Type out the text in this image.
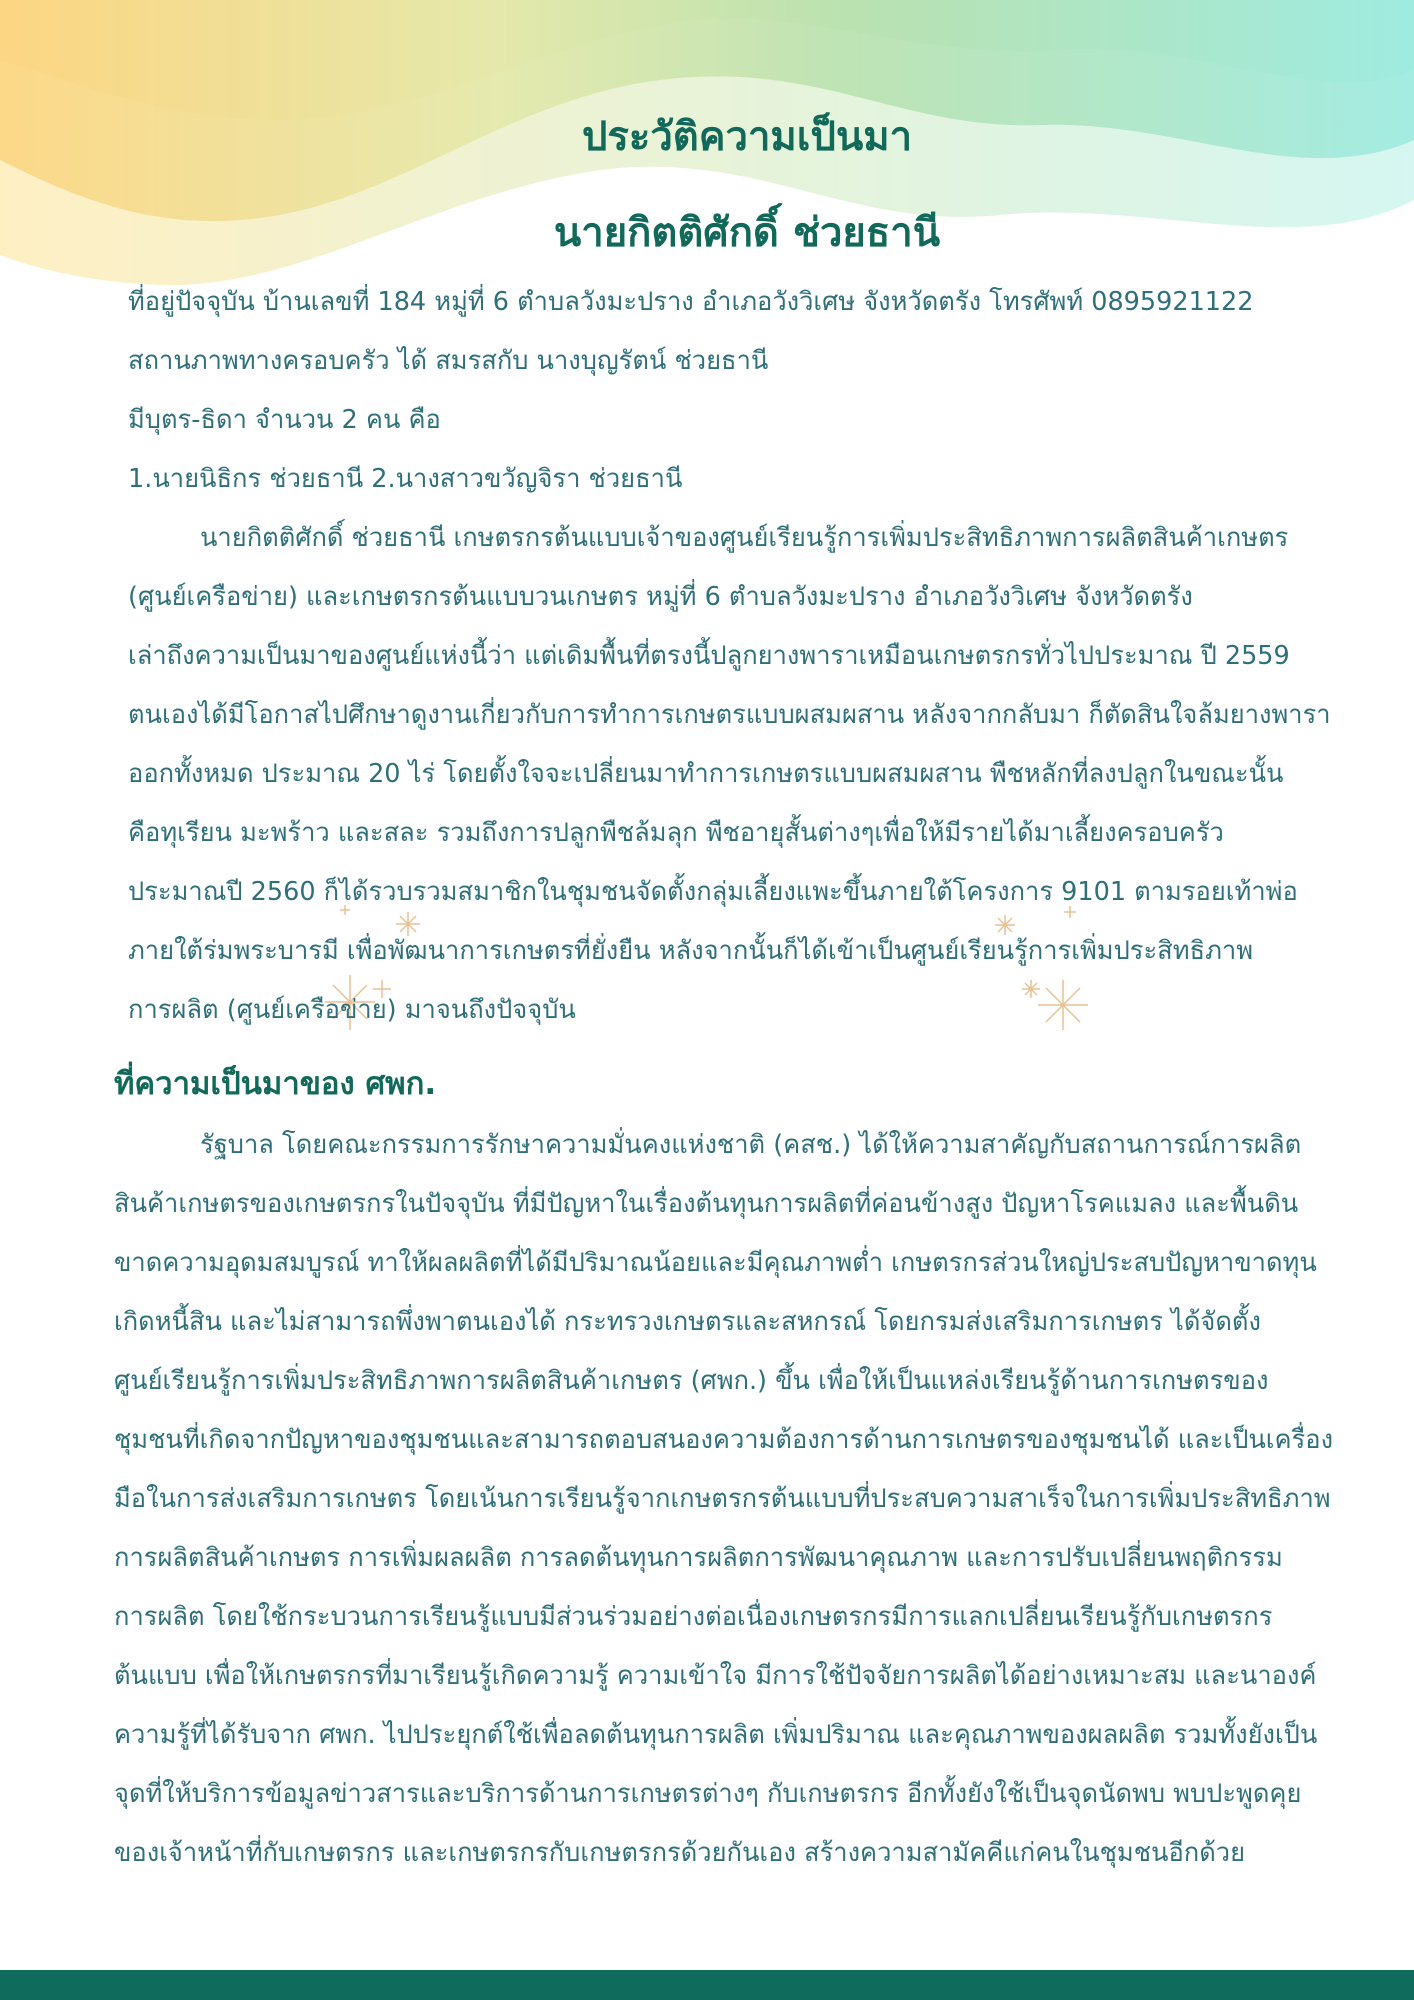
ประวัติความเป็นมา
นายกิตติศักดิ์ ช่วยธานี
ที่อยู่ปัจจุบัน บ้านเลขที่ 184 หมู่ที่ 6 ตำบลวังมะปราง อำเภอวังวิเศษ จังหวัดตรัง โทรศัพท์ 0895921122
สถานภาพทางครอบครัว ได้ สมรสกับ นางบุญรัตน์ ช่วยธานี
มีบุตร-ธิดา จำนวน 2 คน คือ
1.นายนิธิกร ช่วยธานี 2.นางสาวขวัญจิรา ช่วยธานี
นายกิตติศักดิ์ ช่วยธานี เกษตรกรต้นแบบเจ้าของศูนย์เรียนรู้การเพิ่มประสิทธิภาพการผลิตสินค้าเกษตร
(ศูนย์เครือข่าย) และเกษตรกรต้นแบบวนเกษตร หมู่ที่ 6 ตำบลวังมะปราง อำเภอวังวิเศษ จังหวัดตรัง
เล่าถึงความเป็นมาของศูนย์แห่งนี้ว่า แต่เดิมพื้นที่ตรงนี้ปลูกยางพาราเหมือนเกษตรกรทั่วไปประมาณ ปี 2559
ตนเองได้มีโอกาสไปศึกษาดูงานเกี่ยวกับการทำการเกษตรแบบผสมผสาน หลังจากกลับมา ก็ตัดสินใจล้มยางพารา
ออกทั้งหมด ประมาณ 20 ไร่ โดยตั้งใจจะเปลี่ยนมาทำการเกษตรแบบผสมผสาน พืชหลักที่ลงปลูกในขณะนั้น
คือทุเรียน มะพร้าว และสละ รวมถึงการปลูกพืชล้มลุก พืชอายุสั้นต่างๆเพื่อให้มีรายได้มาเลี้ยงครอบครัว
ประมาณปี 2560 ก็ได้รวบรวมสมาชิกในชุมชนจัดตั้งกลุ่มเลี้ยงแพะขึ้นภายใต้โครงการ 9101 ตามรอยเท้าพ่อ
ภายใต้ร่มพระบารมี เพื่อพัฒนาการเกษตรที่ยั่งยืน หลังจากนั้นก็ได้เข้าเป็นศูนย์เรียนรู้การเพิ่มประสิทธิภาพ
การผลิต (ศูนย์เครือข่าย) มาจนถึงปัจจุบัน
ที่ความเป็นมาของ ศพก.
รัฐบาล โดยคณะกรรมการรักษาความมั่นคงแห่งชาติ (คสช.) ได้ให้ความสาคัญกับสถานการณ์การผลิต
สินค้าเกษตรของเกษตรกรในปัจจุบัน ที่มีปัญหาในเรื่องต้นทุนการผลิตที่ค่อนข้างสูง ปัญหาโรคแมลง และพื้นดิน
ขาดความอุดมสมบูรณ์ ทาให้ผลผลิตที่ได้มีปริมาณน้อยและมีคุณภาพต่ำ เกษตรกรส่วนใหญ่ประสบปัญหาขาดทุน
เกิดหนี้สิน และไม่สามารถพึ่งพาตนเองได้ กระทรวงเกษตรและสหกรณ์ โดยกรมส่งเสริมการเกษตร ได้จัดตั้ง
ศูนย์เรียนรู้การเพิ่มประสิทธิภาพการผลิตสินค้าเกษตร (ศพก.) ขึ้น เพื่อให้เป็นแหล่งเรียนรู้ด้านการเกษตรของ
ชุมชนที่เกิดจากปัญหาของชุมชนและสามารถตอบสนองความต้องการด้านการเกษตรของชุมชนได้ และเป็นเครื่อง
มือในการส่งเสริมการเกษตร โดยเน้นการเรียนรู้จากเกษตรกรต้นแบบที่ประสบความสาเร็จในการเพิ่มประสิทธิภาพ
การผลิตสินค้าเกษตร การเพิ่มผลผลิต การลดต้นทุนการผลิตการพัฒนาคุณภาพ และการปรับเปลี่ยนพฤติกรรม
การผลิต โดยใช้กระบวนการเรียนรู้แบบมีส่วนร่วมอย่างต่อเนื่องเกษตรกรมีการแลกเปลี่ยนเรียนรู้กับเกษตรกร
ต้นแบบ เพื่อให้เกษตรกรที่มาเรียนรู้เกิดความรู้ ความเข้าใจ มีการใช้ปัจจัยการผลิตได้อย่างเหมาะสม และนาองค์
ความรู้ที่ได้รับจาก ศพก. ไปประยุกต์ใช้เพื่อลดต้นทุนการผลิต เพิ่มปริมาณ และคุณภาพของผลผลิต รวมทั้งยังเป็น
จุดที่ให้บริการข้อมูลข่าวสารและบริการด้านการเกษตรต่างๆ กับเกษตรกร อีกทั้งยังใช้เป็นจุดนัดพบ พบปะพูดคุย
ของเจ้าหน้าที่กับเกษตรกร และเกษตรกรกับเกษตรกรด้วยกันเอง สร้างความสามัคคีแก่คนในชุมชนอีกด้วย
